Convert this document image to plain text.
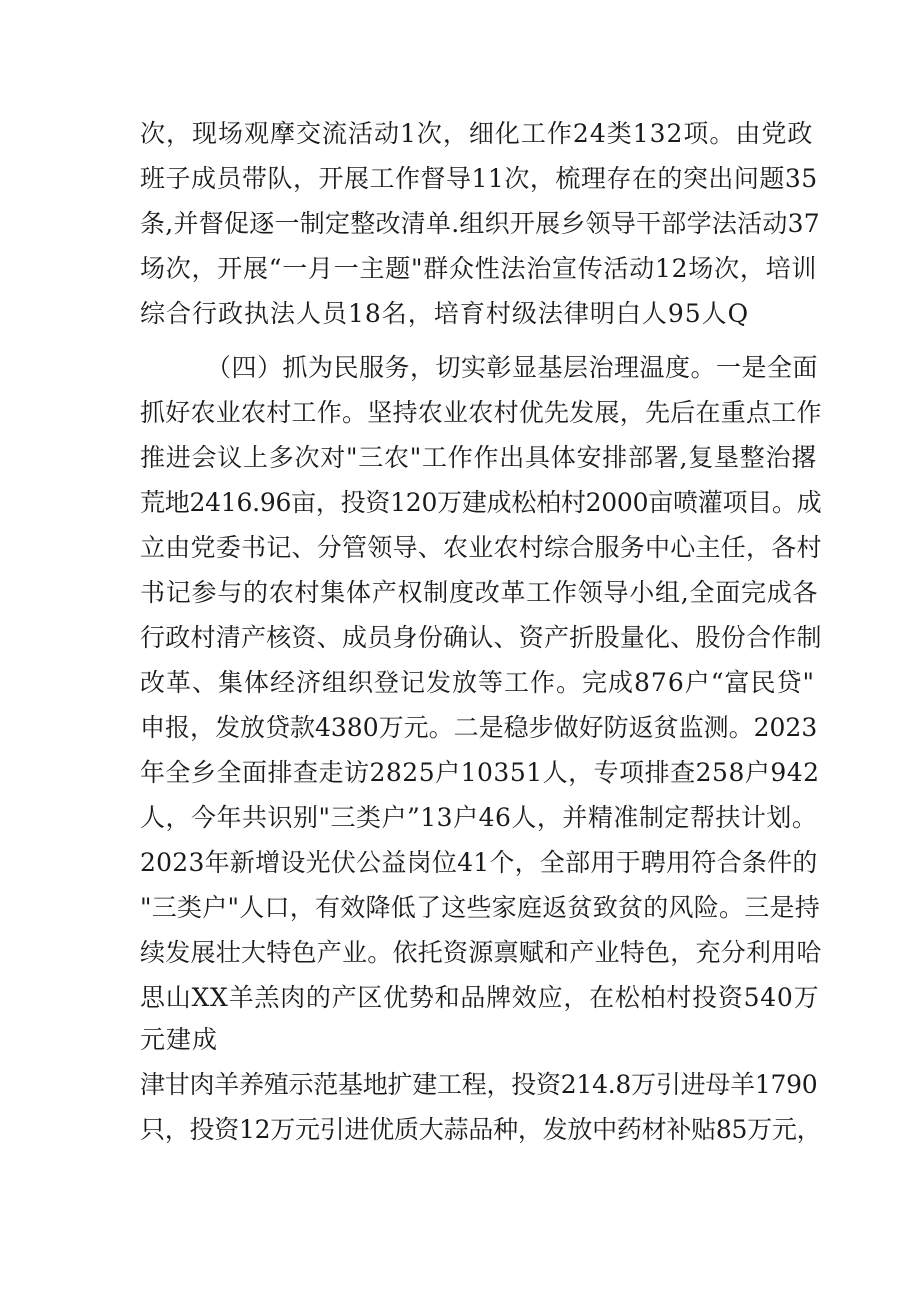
次，现场观摩交流活动1次，细化工作24类132项。由党政
班子成员带队，开展工作督导11次，梳理存在的突出问题35
条,并督促逐一制定整改清单.组织开展乡领导干部学法活动37
场次，开展“一月一主题"群众性法治宣传活动12场次，培训
综合行政执法人员18名，培育村级法律明白人95人Q
（四）抓为民服务，切实彰显基层治理温度。一是全面
抓好农业农村工作。坚持农业农村优先发展，先后在重点工作
推进会议上多次对"三农"工作作出具体安排部署,复垦整治撂
荒地2416.96亩，投资120万建成松柏村2000亩喷灌项目。成
立由党委书记、分管领导、农业农村综合服务中心主任，各村
书记参与的农村集体产权制度改革工作领导小组,全面完成各
行政村清产核资、成员身份确认、资产折股量化、股份合作制
改革、集体经济组织登记发放等工作。完成876户“富民贷"
申报，发放贷款4380万元。二是稳步做好防返贫监测。2023
年全乡全面排查走访2825户10351人，专项排查258户942
人，今年共识别"三类户”13户46人，并精准制定帮扶计划。
2023年新增设光伏公益岗位41个，全部用于聘用符合条件的
"三类户"人口，有效降低了这些家庭返贫致贫的风险。三是持
续发展壮大特色产业。依托资源禀赋和产业特色，充分利用哈
思山XX羊羔肉的产区优势和品牌效应，在松柏村投资540万
元建成
津甘肉羊养殖示范基地扩建工程，投资214.8万引进母羊1790
只，投资12万元引进优质大蒜品种，发放中药材补贴85万元，
